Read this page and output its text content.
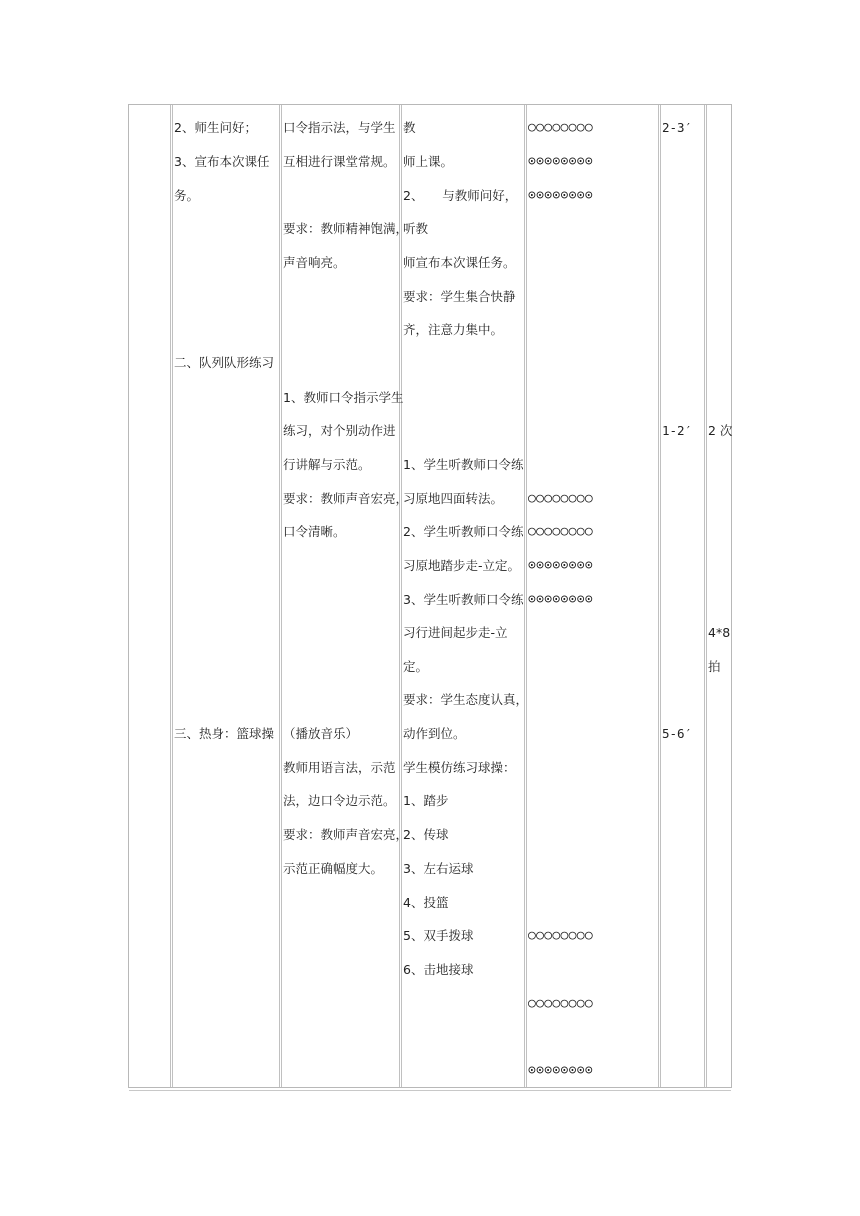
2、师生问好；
3、宣布本次课任
务。
二、队列队形练习
三、热身：篮球操
口令指示法，与学生
互相进行课堂常规。
要求：教师精神饱满，
声音响亮。
1、教师口令指示学生
练习，对个别动作进
行讲解与示范。
要求：教师声音宏亮，
口令清晰。
（播放音乐）
教师用语言法，示范
法，边口令边示范。
要求：教师声音宏亮，
示范正确幅度大。
教
师上课。
2、　　与教师问好，
听教
师宣布本次课任务。
要求：学生集合快静
齐，注意力集中。
1、学生听教师口令练
习原地四面转法。
2、学生听教师口令练
习原地踏步走-立定。
3、学生听教师口令练
习行进间起步走-立
定。
要求：学生态度认真，
动作到位。
学生模仿练习球操：
1、踏步
2、传球
3、左右运球
4、投篮
5、双手拨球
6、击地接球
○○○○○○○○
⊙⊙⊙⊙⊙⊙⊙⊙
⊙⊙⊙⊙⊙⊙⊙⊙
○○○○○○○○
○○○○○○○○
⊙⊙⊙⊙⊙⊙⊙⊙
⊙⊙⊙⊙⊙⊙⊙⊙
○○○○○○○○
○○○○○○○○
⊙⊙⊙⊙⊙⊙⊙⊙
2-3′
1-2′
5-6′
2 次
4*8
拍
